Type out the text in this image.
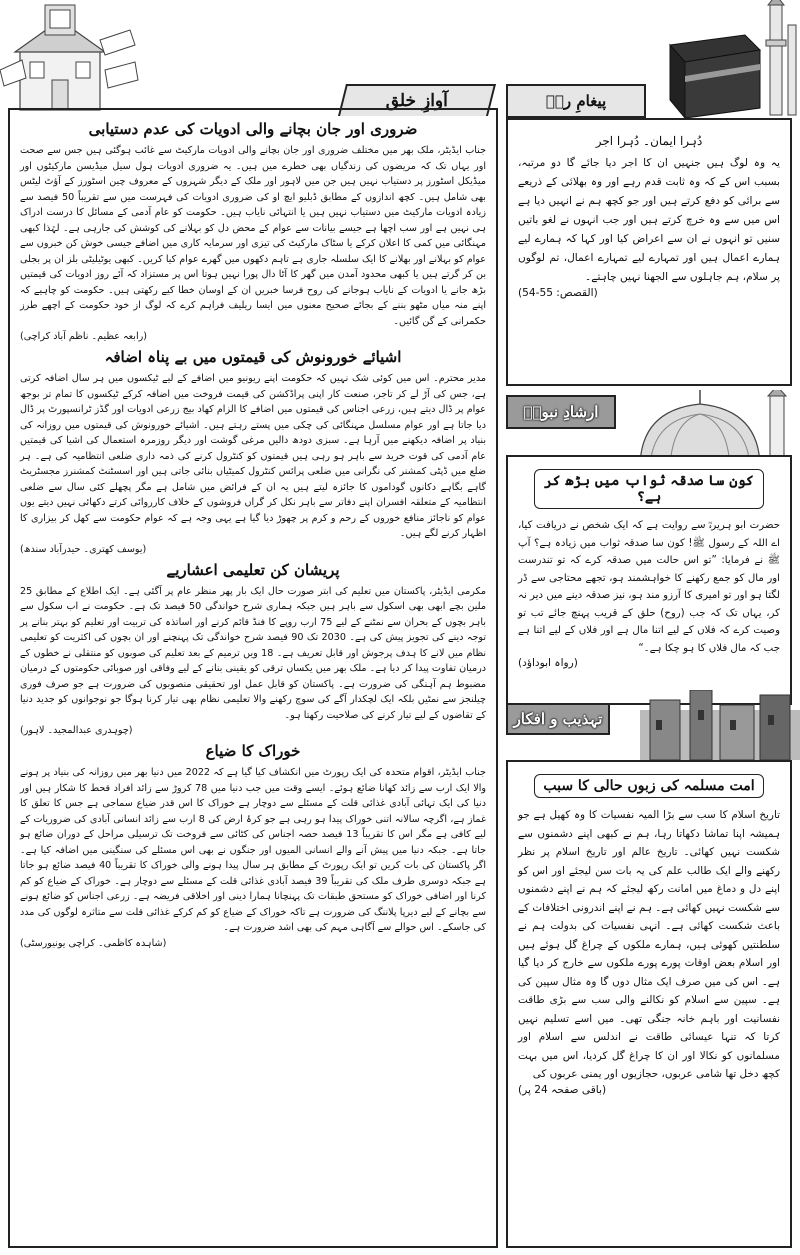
آوازِ خلق
ضروری اور جان بچانے والی ادویات کی عدم دستیابی
جناب ایڈیٹر، ملک بھر میں مختلف ضروری اور جان بچانے والی ادویات مارکیٹ سے غائب ہوگئی ہیں جس سے صحت اور یہاں تک کہ مریضوں کی زندگیاں بھی خطرے میں ہیں۔ یہ ضروری ادویات ہول سیل میڈیسن مارکیٹوں اور میڈیکل اسٹورز پر دستیاب نہیں ہیں جن میں لاہور اور ملک کے دیگر شہروں کے معروف چین اسٹورز کے آؤٹ لیٹس بھی شامل ہیں۔ کچھ اندازوں کے مطابق ڈبلیو ایچ او کی ضروری ادویات کی فہرست میں سے تقریباً 50 فیصد سے زیادہ ادویات مارکیٹ میں دستیاب نہیں ہیں یا انتہائی نایاب ہیں۔ حکومت کو عام آدمی کے مسائل کا درست ادراک ہی نہیں ہے اور سب اچھا ہے جیسے بیانات سے عوام کے محض دل کو بہلانے کی کوشش کی جارہی ہے۔ لہٰذا کبھی مہنگائی میں کمی کا اعلان کرکے یا سٹاک مارکیٹ کی تیزی اور سرمایہ کاری میں اضافے جیسی خوش کن خبروں سے عوام کو بہلانے اور بھلانے کا ایک سلسلہ جاری ہے تاہم دکھوں میں گھرے عوام کیا کریں۔ کبھی یوٹیلیٹی بلز ان پر بجلی بن کر گرتے ہیں یا کبھی محدود آمدن میں گھر کا آٹا دال پورا نہیں ہوتا اس پر مستزاد کہ آئے روز ادویات کی قیمتیں بڑھ جانے یا ادویات کے نایاب ہوجانے کی روح فرسا خبریں ان کے اوسان خطا کیے رکھتی ہیں۔ حکومت کو چاہیے کہ اپنے منہ میاں مٹھو بننے کے بجائے صحیح معنوں میں ایسا ریلیف فراہم کرے کہ لوگ از خود حکومت کے اچھے طرز حکمرانی کے گن گائیں۔
(رابعہ عظیم۔ ناظم آباد کراچی)
اشیائے خورونوش کی قیمتوں میں بے پناہ اضافہ
مدیر محترم۔ اس میں کوئی شک نہیں کہ حکومت اپنے ریونیو میں اضافے کے لیے ٹیکسوں میں ہر سال اضافہ کرتی ہے، جس کی آڑ لے کر تاجر، صنعت کار اپنی پراڈکشن کی قیمت فروخت میں اضافہ کرکے ٹیکسوں کا تمام تر بوجھ عوام پر ڈال دیتے ہیں، زرعی اجناس کی قیمتوں میں اضافے کا الزام کھاد بیج زرعی ادویات اور گڈز ٹرانسپورٹ پر ڈال دیا جاتا ہے اور عوام مسلسل مہنگائی کی چکی میں پستے رہتے ہیں۔ اشیائے خورونوش کی قیمتوں میں روزانہ کی بنیاد پر اضافہ دیکھنے میں آرہا ہے۔ سبزی دودھ دالیں مرغی گوشت اور دیگر روزمرہ استعمال کی اشیا کی قیمتیں عام آدمی کی قوت خرید سے باہر ہو رہی ہیں قیمتوں کو کنٹرول کرنے کی ذمہ داری ضلعی انتظامیہ کی ہے۔ ہر ضلع میں ڈپٹی کمشنر کی نگرانی میں ضلعی پرائس کنٹرول کمیٹیاں بنائی جاتی ہیں اور اسسٹنٹ کمشنرز مجسٹریٹ گاہے بگاہے دکانوں گوداموں کا جائزہ لیتے ہیں یہ ان کے فرائض میں شامل ہے مگر پچھلے کئی سال سے ضلعی انتظامیہ کے متعلقہ افسران اپنے دفاتر سے باہر نکل کر گراں فروشوں کے خلاف کارروائی کرتے دکھائی نہیں دیتے یوں عوام کو ناجائز منافع خوروں کے رحم و کرم پر چھوڑ دیا گیا ہے یہی وجہ ہے کہ عوام حکومت سے کھل کر بیزاری کا اظہار کرنے لگے ہیں۔
(یوسف کھتری۔ حیدرآباد سندھ)
پریشان کن تعلیمی اعشاریے
مکرمی ایڈیٹر، پاکستان میں تعلیم کی ابتر صورت حال ایک بار پھر منظر عام پر آگئی ہے۔ ایک اطلاع کے مطابق 25 ملین بچے ابھی بھی اسکول سے باہر ہیں جبکہ ہماری شرح خواندگی 50 فیصد تک ہے۔ حکومت نے اب سکول سے باہر بچوں کے بحران سے نمٹنے کے لیے 75 ارب روپے کا فنڈ قائم کرنے اور اساتذہ کی تربیت اور تعلیم کو بہتر بنانے پر توجہ دینے کی تجویز پیش کی ہے۔ 2030 تک 90 فیصد شرح خواندگی تک پہنچنے اور ان بچوں کی اکثریت کو تعلیمی نظام میں لانے کا ہدف پرجوش اور قابل تعریف ہے۔ 18 ویں ترمیم کے بعد تعلیم کی صوبوں کو منتقلی نے خطوں کے درمیان تفاوت پیدا کر دیا ہے۔ ملک بھر میں یکساں ترقی کو یقینی بنانے کے لیے وفاقی اور صوبائی حکومتوں کے درمیان مضبوط ہم آہنگی کی ضرورت ہے۔ پاکستان کو قابل عمل اور تحقیقی منصوبوں کی ضرورت ہے جو صرف فوری چیلنجز سے نمٹیں بلکہ ایک لچکدار آگے کی سوچ رکھنے والا تعلیمی نظام بھی تیار کرنا ہوگا جو نوجوانوں کو جدید دنیا کے تقاضوں کے لیے تیار کرنے کی صلاحیت رکھتا ہو۔
(چوہدری عبدالمجید۔ لاہور)
خوراک کا ضیاع
جناب ایڈیٹر، اقوام متحدہ کی ایک رپورٹ میں انکشاف کیا گیا ہے کہ 2022 میں دنیا بھر میں روزانہ کی بنیاد پر ہونے والا ایک ارب سے زائد کھانا ضائع ہوئے۔ ایسے وقت میں جب دنیا میں 78 کروڑ سے زائد افراد قحط کا شکار ہیں اور دنیا کی ایک تہائی آبادی غذائی قلت کے مسئلے سے دوچار ہے خوراک کا اس قدر ضیاع سماجی ہے جس کا تعلق کا غماز ہے، اگرچہ سالانہ اتنی خوراک پیدا ہو رہی ہے جو کرۂ ارض کی 8 ارب سے زائد انسانی آبادی کی ضروریات کے لیے کافی ہے مگر اس کا تقریباً 13 فیصد حصہ اجناس کی کٹائی سے فروخت تک ترسیلی مراحل کے دوران ضائع ہو جاتا ہے۔ جبکہ دنیا میں پیش آنے والے انسانی المیوں اور جنگوں نے بھی اس مسئلے کی سنگینی میں اضافہ کیا ہے۔ اگر پاکستان کی بات کریں تو ایک رپورٹ کے مطابق ہر سال پیدا ہونے والی خوراک کا تقریباً 40 فیصد ضائع ہو جاتا ہے جبکہ دوسری طرف ملک کی تقریباً 39 فیصد آبادی غذائی قلت کے مسئلے سے دوچار ہے۔ خوراک کے ضیاع کو کم کرنا اور اضافی خوراک کو مستحق طبقات تک پہنچانا ہمارا دینی اور اخلاقی فریضہ ہے۔ زرعی اجناس کو ضائع ہونے سے بچانے کے لیے دیرپا پلاننگ کی ضرورت ہے تاکہ خوراک کے ضیاع کو کم کرکے غذائی قلت سے متاثرہ لوگوں کی مدد کی جاسکے۔ اس حوالے سے آگاہی مہم کی بھی اشد ضرورت ہے۔
(شاہدہ کاظمی۔ کراچی یونیورسٹی)
پیغامِ ربؐ
دُہرا ایمان۔ دُہرا اجر
یہ وہ لوگ ہیں جنہیں ان کا اجر دیا جائے گا دو مرتبہ، بسبب اس کے کہ وہ ثابت قدم رہے اور وہ بھلائی کے ذریعے سے برائی کو دفع کرتے ہیں اور جو کچھ ہم نے انہیں دیا ہے اس میں سے وہ خرچ کرتے ہیں اور جب انہوں نے لغو باتیں سنیں تو انہوں نے ان سے اعراض کیا اور کہا کہ ہمارے لیے ہمارے اعمال ہیں اور تمہارے لیے تمہارے اعمال، تم لوگوں پر سلام، ہم جاہلوں سے الجھنا نہیں چاہتے۔
(القصص: 55-54)
ارشادِ نبویؐ
کون سا صدقہ ثواب میں بڑھ کر ہے؟
حضرت ابو ہریرہؓ سے روایت ہے کہ ایک شخص نے دریافت کیا، اے اللہ کے رسول ﷺ! کون سا صدقہ ثواب میں زیادہ ہے؟ آپ ﷺ نے فرمایا: ”تو اس حالت میں صدقہ کرے کہ تو تندرست اور مال کو جمع رکھنے کا خواہشمند ہو، تجھے محتاجی سے ڈر لگتا ہو اور تو امیری کا آرزو مند ہو، نیز صدقہ دینے میں دیر نہ کر، یہاں تک کہ جب (روح) حلق کے قریب پہنچ جائے تب تو وصیت کرے کہ فلاں کے لیے اتنا مال ہے اور فلاں کے لیے اتنا ہے جب کہ مال فلاں کا ہو چکا ہے۔“
(رواہ ابوداؤد)
تہذیب و افکار
امت مسلمہ کی زبوں حالی کا سبب
تاریخ اسلام کا سب سے بڑا المیہ نفسیات کا وہ کھیل ہے جو ہمیشہ اپنا تماشا دکھاتا رہا، ہم نے کبھی اپنے دشمنوں سے شکست نہیں کھائی۔ تاریخ عالم اور تاریخ اسلام پر نظر رکھنے والے ایک طالب علم کی یہ بات سن لیجئے اور اس کو اپنے دل و دماغ میں امانت رکھ لیجئے کہ ہم نے اپنے دشمنوں سے شکست نہیں کھائی ہے۔ ہم نے اپنے اندرونی اختلافات کے باعث شکست کھائی ہے۔ انہی نفسیات کی بدولت ہم نے سلطنتیں کھوئی ہیں، ہمارے ملکوں کے چراغ گل ہوئے ہیں اور اسلام بعض اوقات پورے پورے ملکوں سے خارج کر دیا گیا ہے۔ اس کی میں صرف ایک مثال دوں گا وہ مثال سپین کی ہے۔ سپین سے اسلام کو نکالنے والی سب سے بڑی طاقت نفسانیت اور باہم خانہ جنگی تھی۔ میں اسے تسلیم نہیں کرتا کہ تنہا عیسائی طاقت نے اندلس سے اسلام اور مسلمانوں کو نکالا اور ان کا چراغ گل کردیا، اس میں بہت کچھ دخل تھا شامی عربوں، حجازیوں اور یمنی عربوں کی
(باقی صفحہ 24 پر)
